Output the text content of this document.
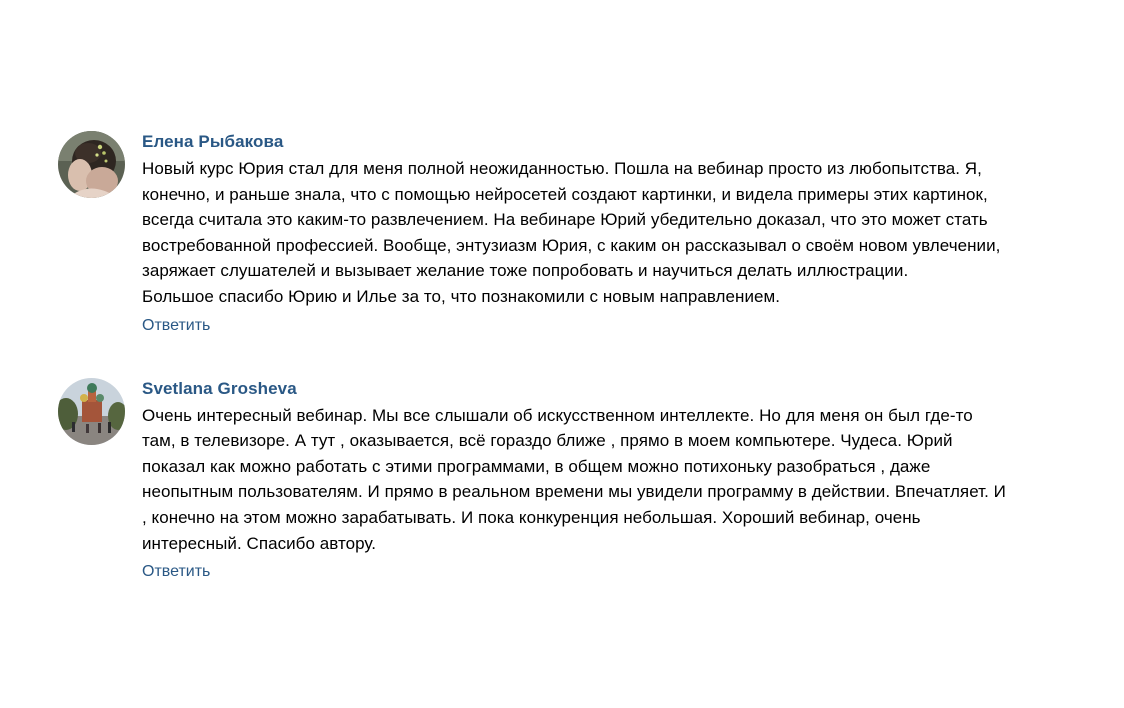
Елена Рыбакова
Новый курс Юрия стал для меня полной неожиданностью. Пошла на вебинар просто из любопытства. Я,
конечно, и раньше знала, что с помощью нейросетей создают картинки, и видела примеры этих картинок,
всегда считала это каким-то развлечением. На вебинаре Юрий убедительно доказал, что это может стать
востребованной профессией. Вообще, энтузиазм Юрия, с каким он рассказывал о своём новом увлечении,
заряжает слушателей и вызывает желание тоже попробовать и научиться делать иллюстрации.
Большое спасибо Юрию и Илье за то, что познакомили с новым направлением.
Ответить
Svetlana Grosheva
Очень интересный вебинар. Мы все слышали об искусственном интеллекте. Но для меня он был где-то
там, в телевизоре. А тут , оказывается, всё гораздо ближе , прямо в моем компьютере. Чудеса. Юрий
показал как можно работать с этими программами, в общем можно потихоньку разобраться , даже
неопытным пользователям. И прямо в реальном времени мы увидели программу в действии. Впечатляет. И
, конечно на этом можно зарабатывать. И пока конкуренция небольшая. Хороший вебинар, очень
интересный. Спасибо автору.
Ответить
